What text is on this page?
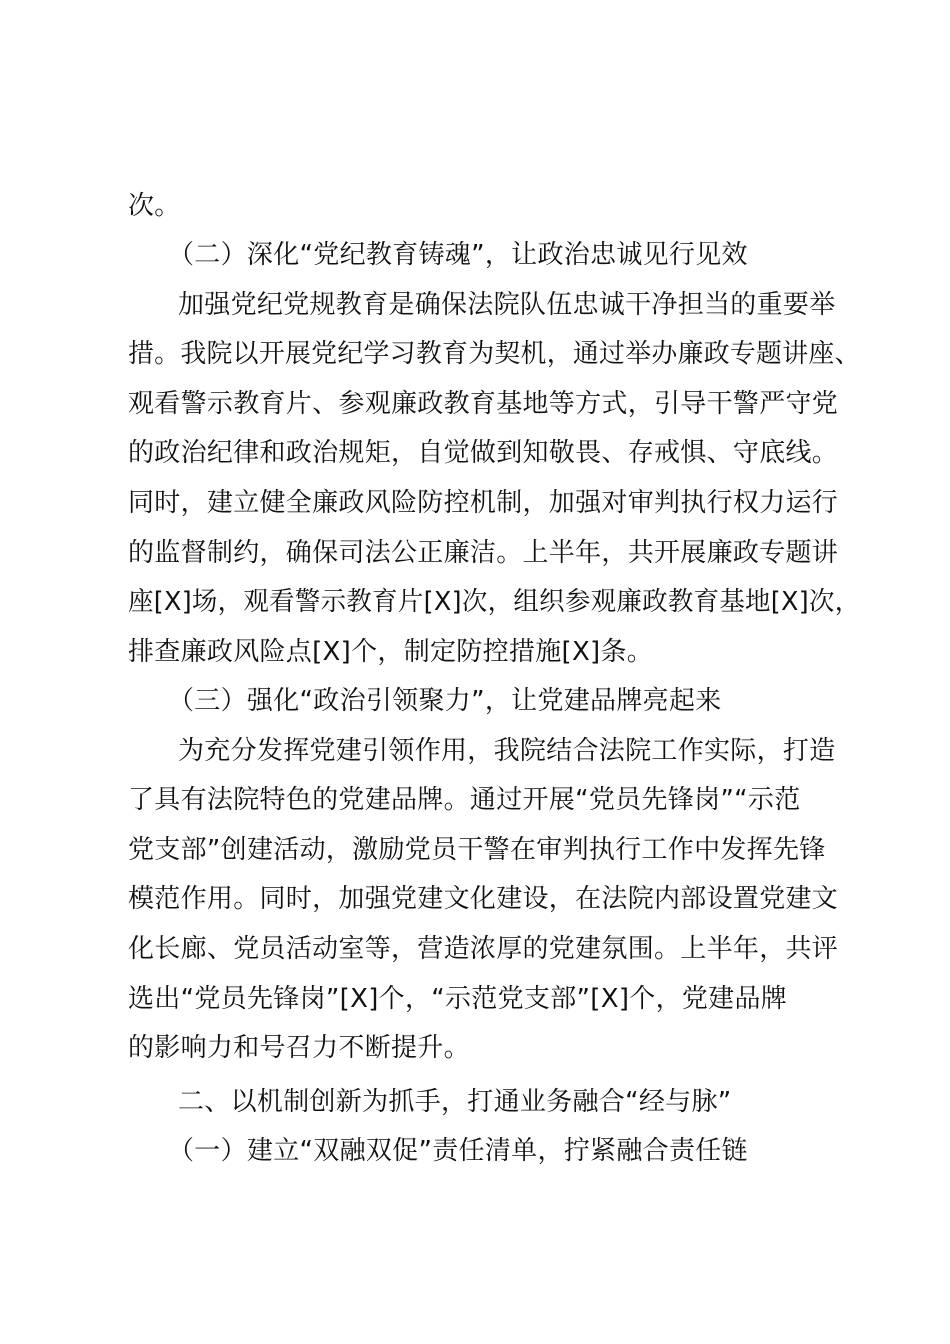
次。
（二）深化“党纪教育铸魂”，让政治忠诚见行见效
加强党纪党规教育是确保法院队伍忠诚干净担当的重要举
措。我院以开展党纪学习教育为契机，通过举办廉政专题讲座、
观看警示教育片、参观廉政教育基地等方式，引导干警严守党
的政治纪律和政治规矩，自觉做到知敬畏、存戒惧、守底线。
同时，建立健全廉政风险防控机制，加强对审判执行权力运行
的监督制约，确保司法公正廉洁。上半年，共开展廉政专题讲
座[X]场，观看警示教育片[X]次，组织参观廉政教育基地[X]次，
排查廉政风险点[X]个，制定防控措施[X]条。
（三）强化“政治引领聚力”，让党建品牌亮起来
为充分发挥党建引领作用，我院结合法院工作实际，打造
了具有法院特色的党建品牌。通过开展“党员先锋岗”“示范
党支部”创建活动，激励党员干警在审判执行工作中发挥先锋
模范作用。同时，加强党建文化建设，在法院内部设置党建文
化长廊、党员活动室等，营造浓厚的党建氛围。上半年，共评
选出“党员先锋岗”[X]个，“示范党支部”[X]个，党建品牌
的影响力和号召力不断提升。
二、以机制创新为抓手，打通业务融合“经与脉”
（一）建立“双融双促”责任清单，拧紧融合责任链
